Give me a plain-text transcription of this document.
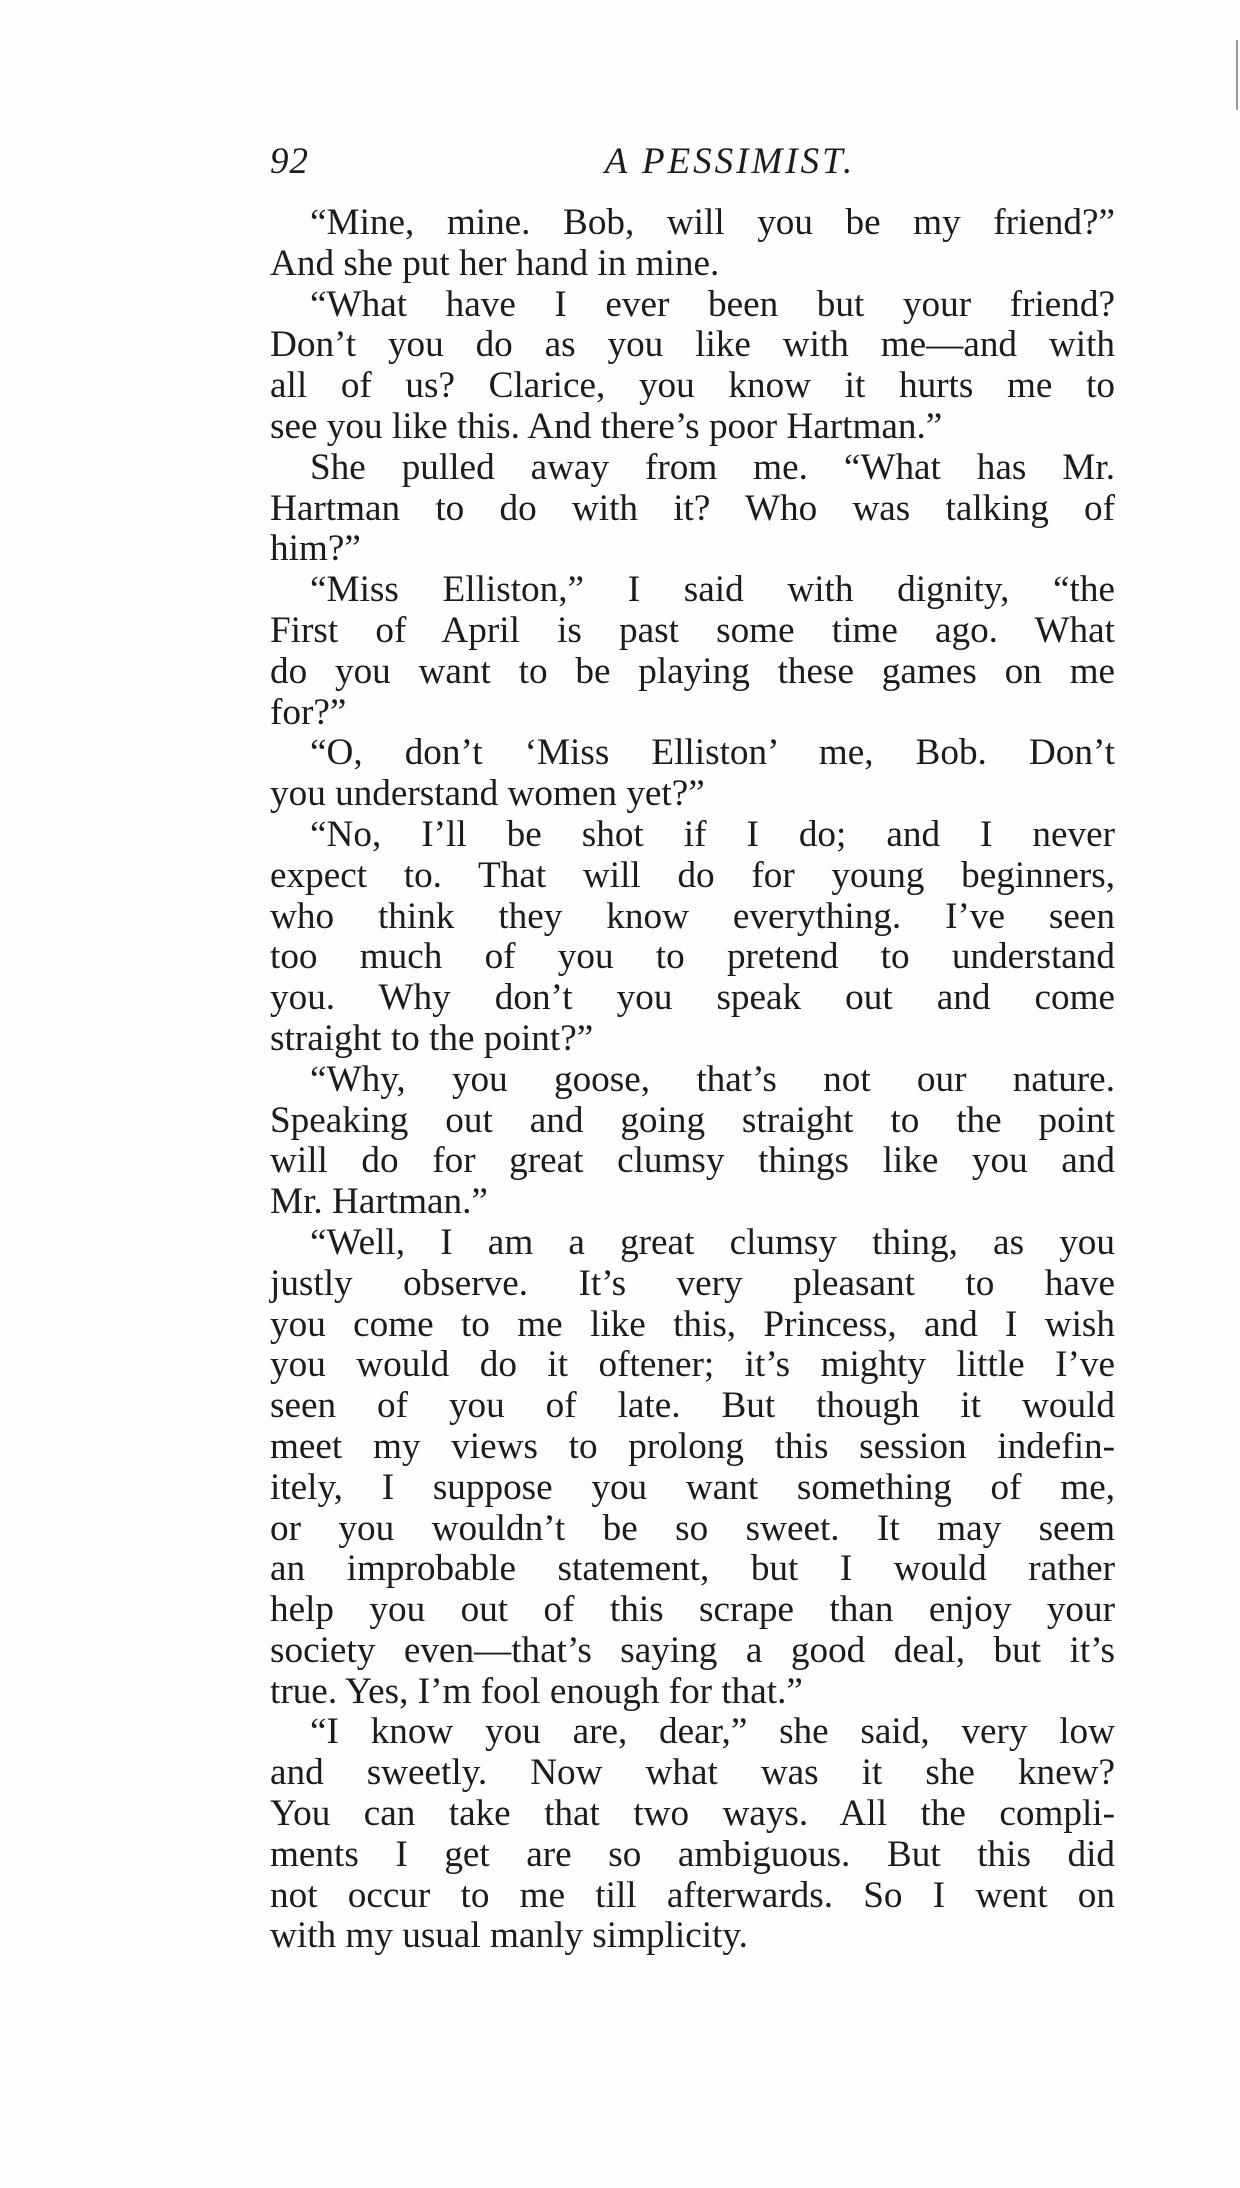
92	A PESSIMIST.
“Mine, mine. Bob, will you be my friend?”
And she put her hand in mine.
“What have I ever been but your friend?
Don’t you do as you like with me—and with
all of us? Clarice, you know it hurts me to
see you like this. And there’s poor Hartman.”
She pulled away from me. “What has Mr.
Hartman to do with it? Who was talking of
him?”
“Miss Elliston,” I said with dignity, “the
First of April is past some time ago. What
do you want to be playing these games on me
for?”
“O, don’t ‘Miss Elliston’ me, Bob. Don’t
you understand women yet?”
“No, I’ll be shot if I do; and I never
expect to. That will do for young beginners,
who think they know everything. I’ve seen
too much of you to pretend to understand
you. Why don’t you speak out and come
straight to the point?”
“Why, you goose, that’s not our nature.
Speaking out and going straight to the point
will do for great clumsy things like you and
Mr. Hartman.”
“Well, I am a great clumsy thing, as you
justly observe. It’s very pleasant to have
you come to me like this, Princess, and I wish
you would do it oftener; it’s mighty little I’ve
seen of you of late. But though it would
meet my views to prolong this session indefin-
itely, I suppose you want something of me,
or you wouldn’t be so sweet. It may seem
an improbable statement, but I would rather
help you out of this scrape than enjoy your
society even—that’s saying a good deal, but it’s
true. Yes, I’m fool enough for that.”
“I know you are, dear,” she said, very low
and sweetly. Now what was it she knew?
You can take that two ways. All the compli-
ments I get are so ambiguous. But this did
not occur to me till afterwards. So I went on
with my usual manly simplicity.
